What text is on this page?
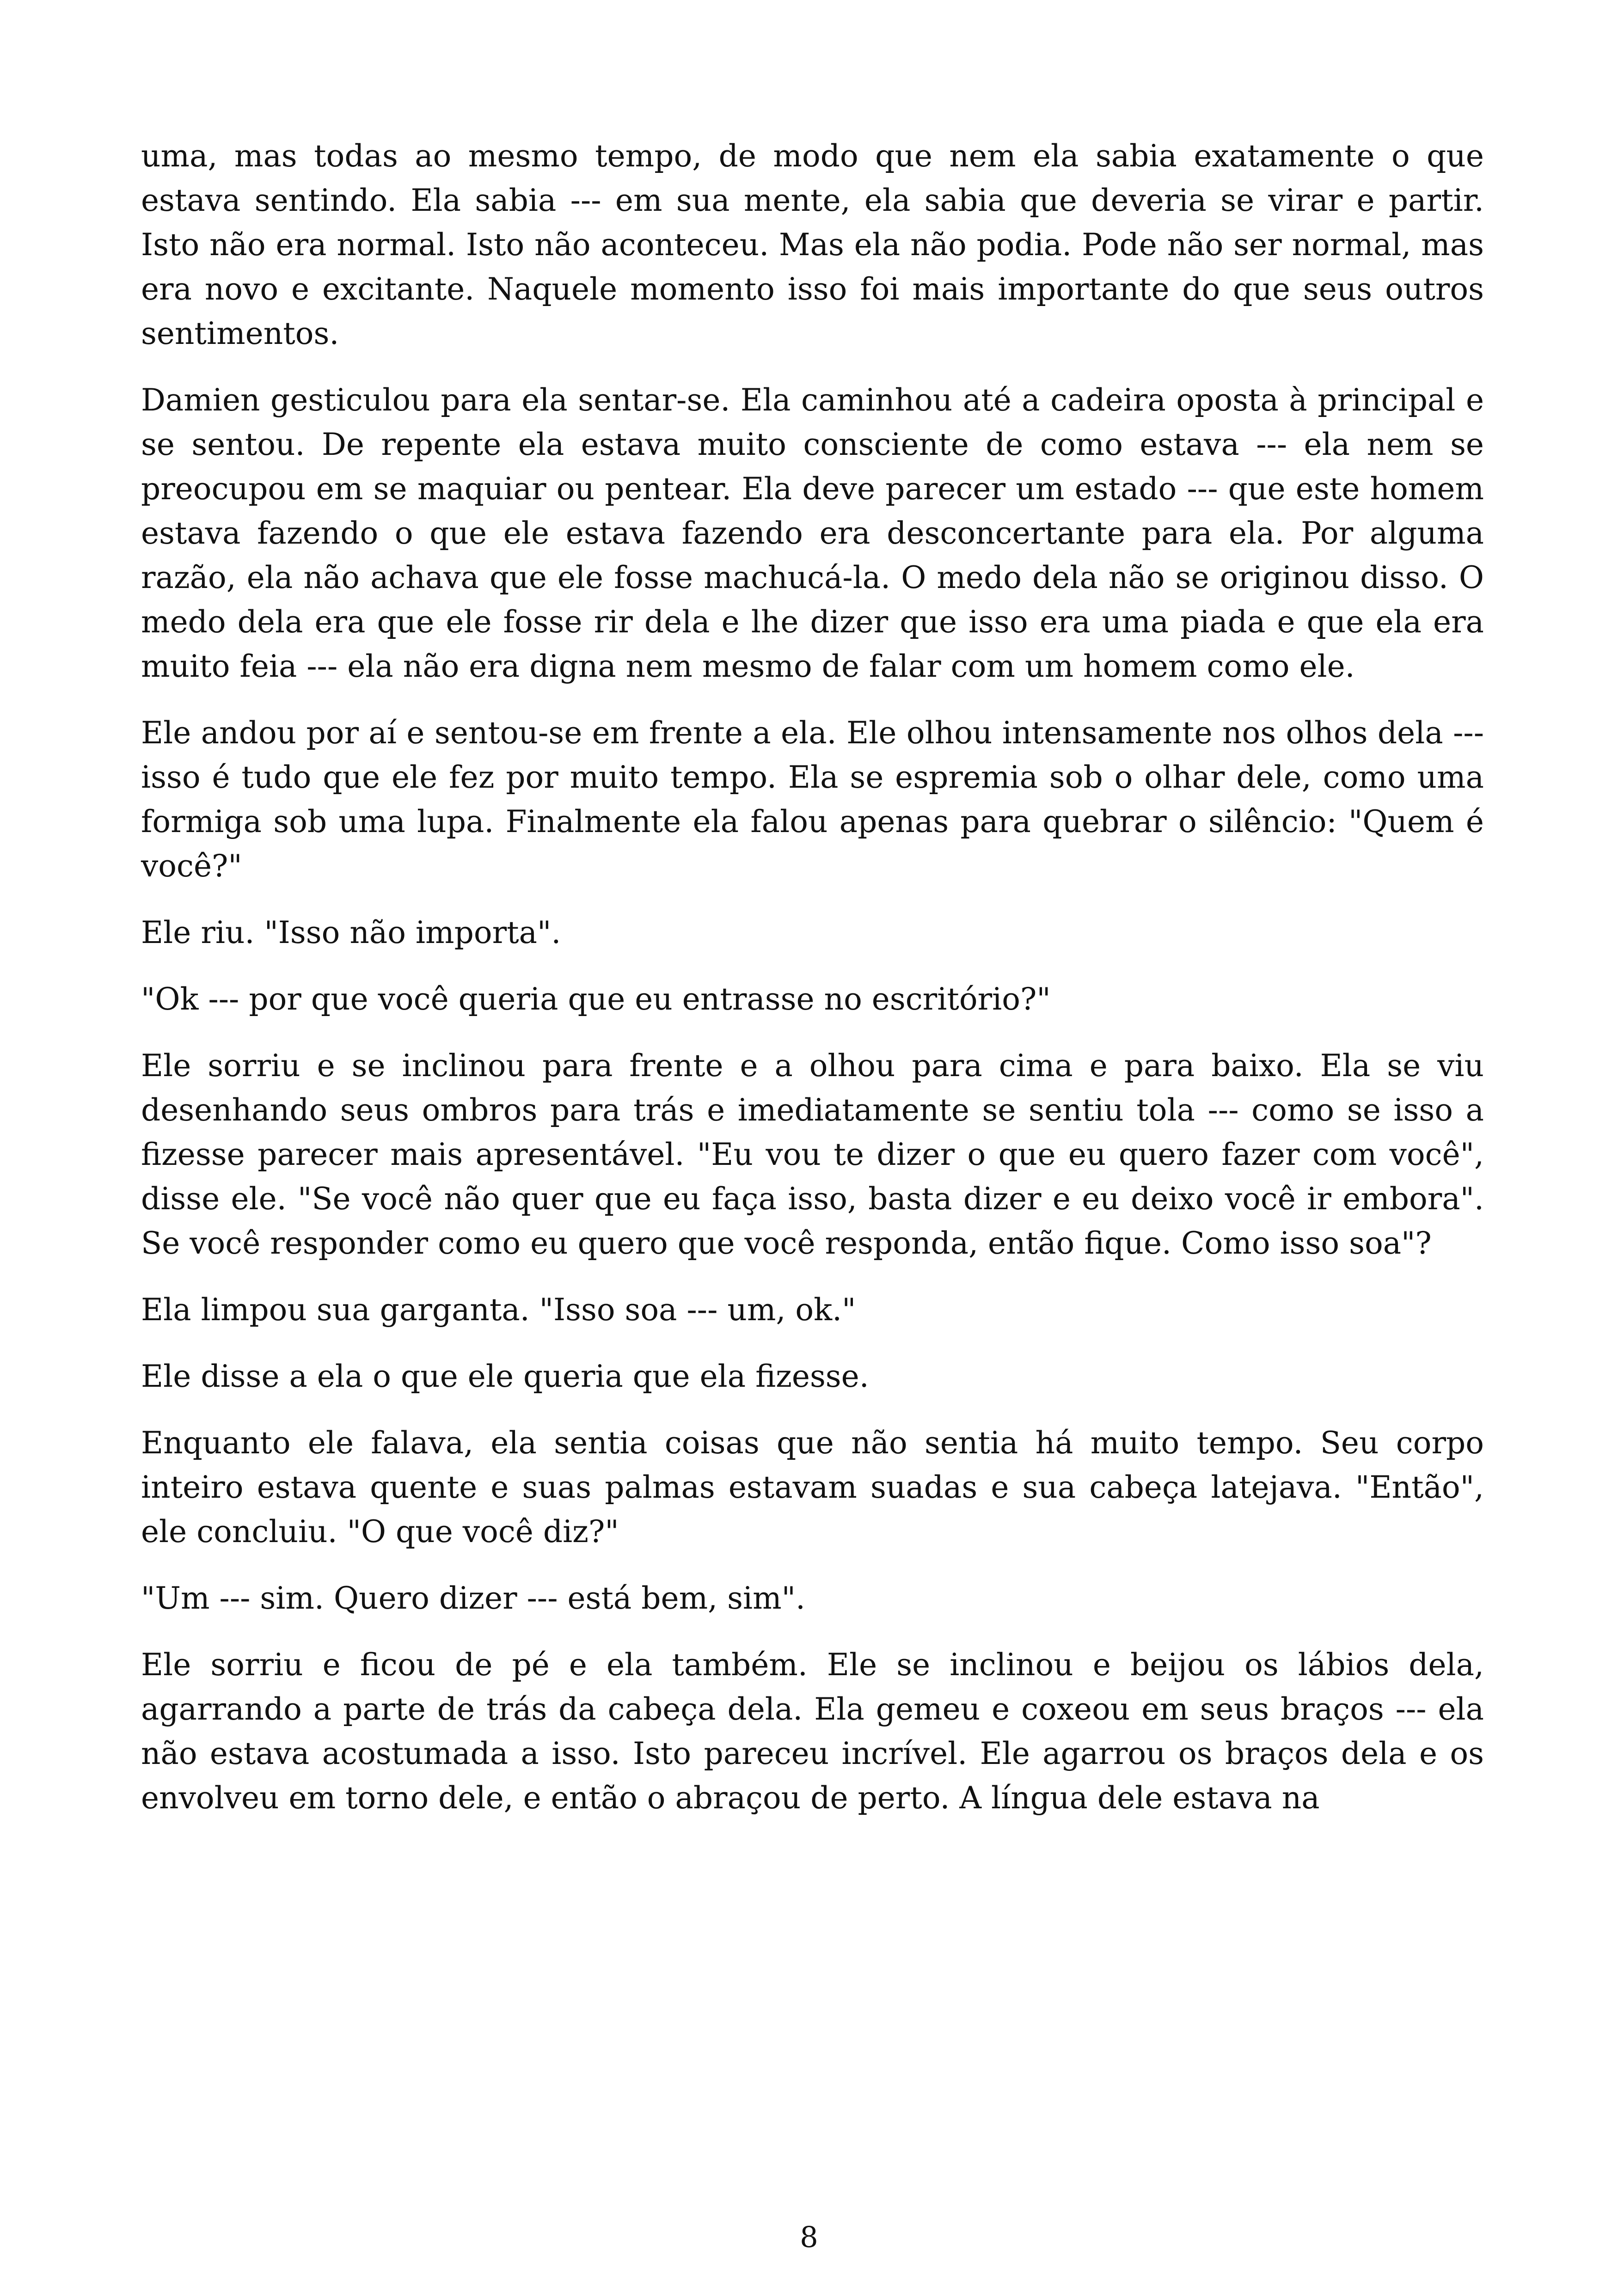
uma, mas todas ao mesmo tempo, de modo que nem ela sabia exatamente o que estava sentindo. Ela sabia --- em sua mente, ela sabia que deveria se virar e partir. Isto não era normal. Isto não aconteceu. Mas ela não podia. Pode não ser normal, mas era novo e excitante. Naquele momento isso foi mais importante do que seus outros sentimentos.

Damien gesticulou para ela sentar-se. Ela caminhou até a cadeira oposta à principal e se sentou. De repente ela estava muito consciente de como estava --- ela nem se preocupou em se maquiar ou pentear. Ela deve parecer um estado --- que este homem estava fazendo o que ele estava fazendo era desconcertante para ela. Por alguma razão, ela não achava que ele fosse machucá-la. O medo dela não se originou disso. O medo dela era que ele fosse rir dela e lhe dizer que isso era uma piada e que ela era muito feia --- ela não era digna nem mesmo de falar com um homem como ele.

Ele andou por aí e sentou-se em frente a ela. Ele olhou intensamente nos olhos dela --- isso é tudo que ele fez por muito tempo. Ela se espremia sob o olhar dele, como uma formiga sob uma lupa. Finalmente ela falou apenas para quebrar o silêncio: "Quem é você?"

Ele riu. "Isso não importa".

"Ok --- por que você queria que eu entrasse no escritório?"

Ele sorriu e se inclinou para frente e a olhou para cima e para baixo. Ela se viu desenhando seus ombros para trás e imediatamente se sentiu tola --- como se isso a fizesse parecer mais apresentável. "Eu vou te dizer o que eu quero fazer com você", disse ele. "Se você não quer que eu faça isso, basta dizer e eu deixo você ir embora". Se você responder como eu quero que você responda, então fique. Como isso soa"?

Ela limpou sua garganta. "Isso soa --- um, ok."

Ele disse a ela o que ele queria que ela fizesse.

Enquanto ele falava, ela sentia coisas que não sentia há muito tempo. Seu corpo inteiro estava quente e suas palmas estavam suadas e sua cabeça latejava. "Então", ele concluiu. "O que você diz?"

"Um --- sim. Quero dizer --- está bem, sim".

Ele sorriu e ficou de pé e ela também. Ele se inclinou e beijou os lábios dela, agarrando a parte de trás da cabeça dela. Ela gemeu e coxeou em seus braços --- ela não estava acostumada a isso. Isto pareceu incrível. Ele agarrou os braços dela e os envolveu em torno dele, e então o abraçou de perto. A língua dele estava na

8
